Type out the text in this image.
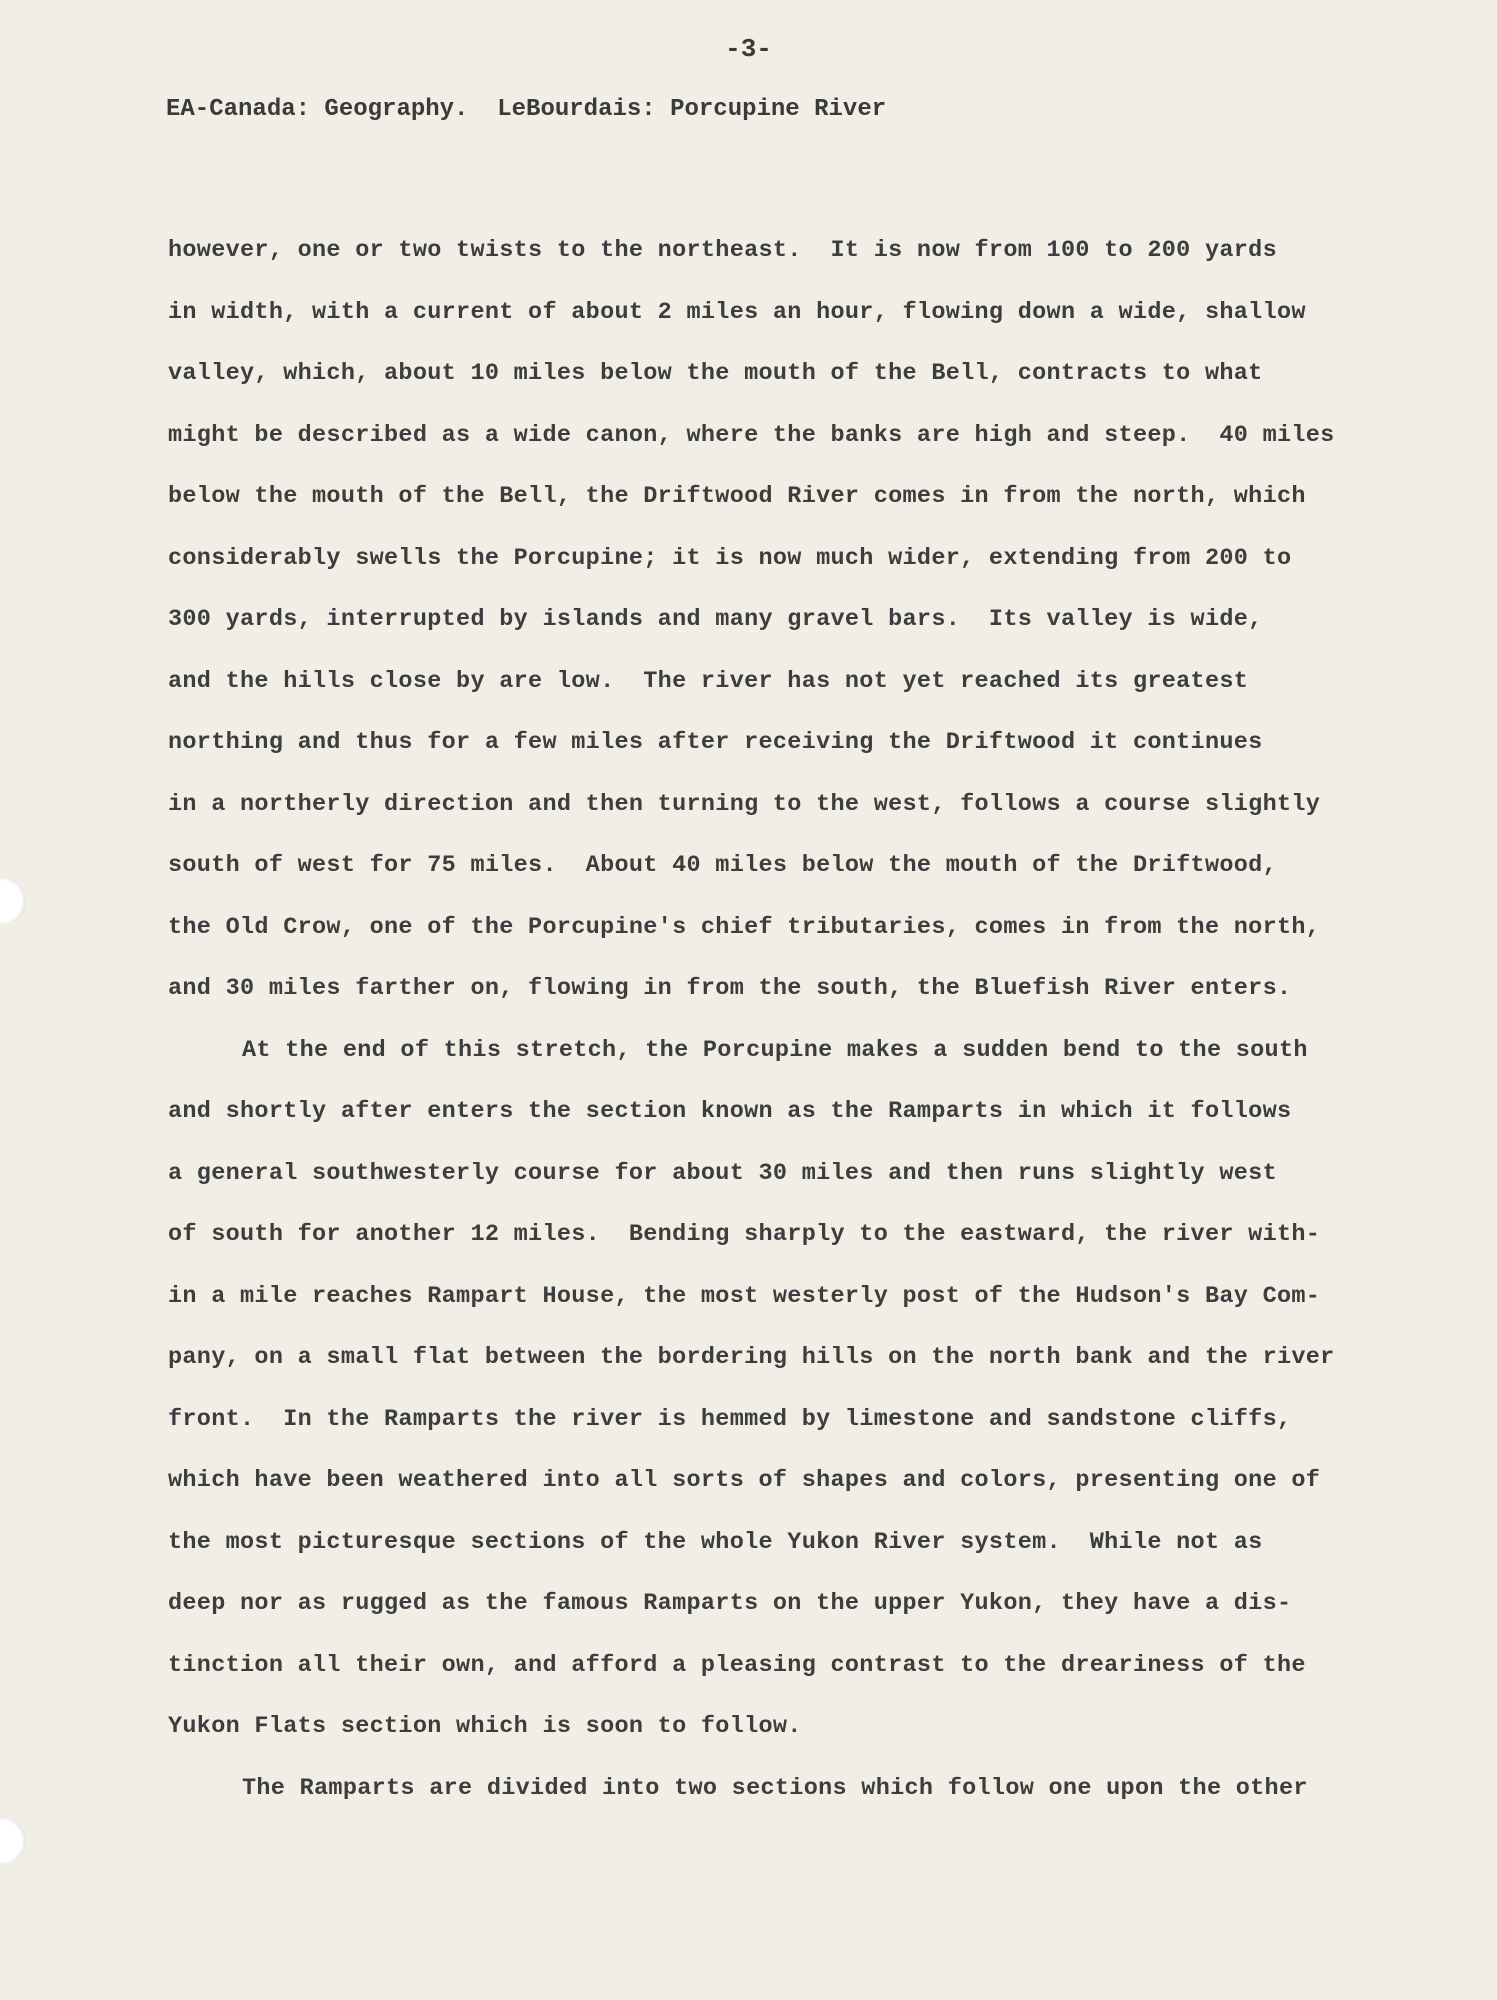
-3-
EA-Canada: Geography.  LeBourdais: Porcupine River
however, one or two twists to the northeast.  It is now from 100 to 200 yards
in width, with a current of about 2 miles an hour, flowing down a wide, shallow
valley, which, about 10 miles below the mouth of the Bell, contracts to what
might be described as a wide canon, where the banks are high and steep.  40 miles
below the mouth of the Bell, the Driftwood River comes in from the north, which
considerably swells the Porcupine; it is now much wider, extending from 200 to
300 yards, interrupted by islands and many gravel bars.  Its valley is wide,
and the hills close by are low.  The river has not yet reached its greatest
northing and thus for a few miles after receiving the Driftwood it continues
in a northerly direction and then turning to the west, follows a course slightly
south of west for 75 miles.  About 40 miles below the mouth of the Driftwood,
the Old Crow, one of the Porcupine's chief tributaries, comes in from the north,
and 30 miles farther on, flowing in from the south, the Bluefish River enters.
At the end of this stretch, the Porcupine makes a sudden bend to the south
and shortly after enters the section known as the Ramparts in which it follows
a general southwesterly course for about 30 miles and then runs slightly west
of south for another 12 miles.  Bending sharply to the eastward, the river with-
in a mile reaches Rampart House, the most westerly post of the Hudson's Bay Com-
pany, on a small flat between the bordering hills on the north bank and the river
front.  In the Ramparts the river is hemmed by limestone and sandstone cliffs,
which have been weathered into all sorts of shapes and colors, presenting one of
the most picturesque sections of the whole Yukon River system.  While not as
deep nor as rugged as the famous Ramparts on the upper Yukon, they have a dis-
tinction all their own, and afford a pleasing contrast to the dreariness of the
Yukon Flats section which is soon to follow.
The Ramparts are divided into two sections which follow one upon the other
